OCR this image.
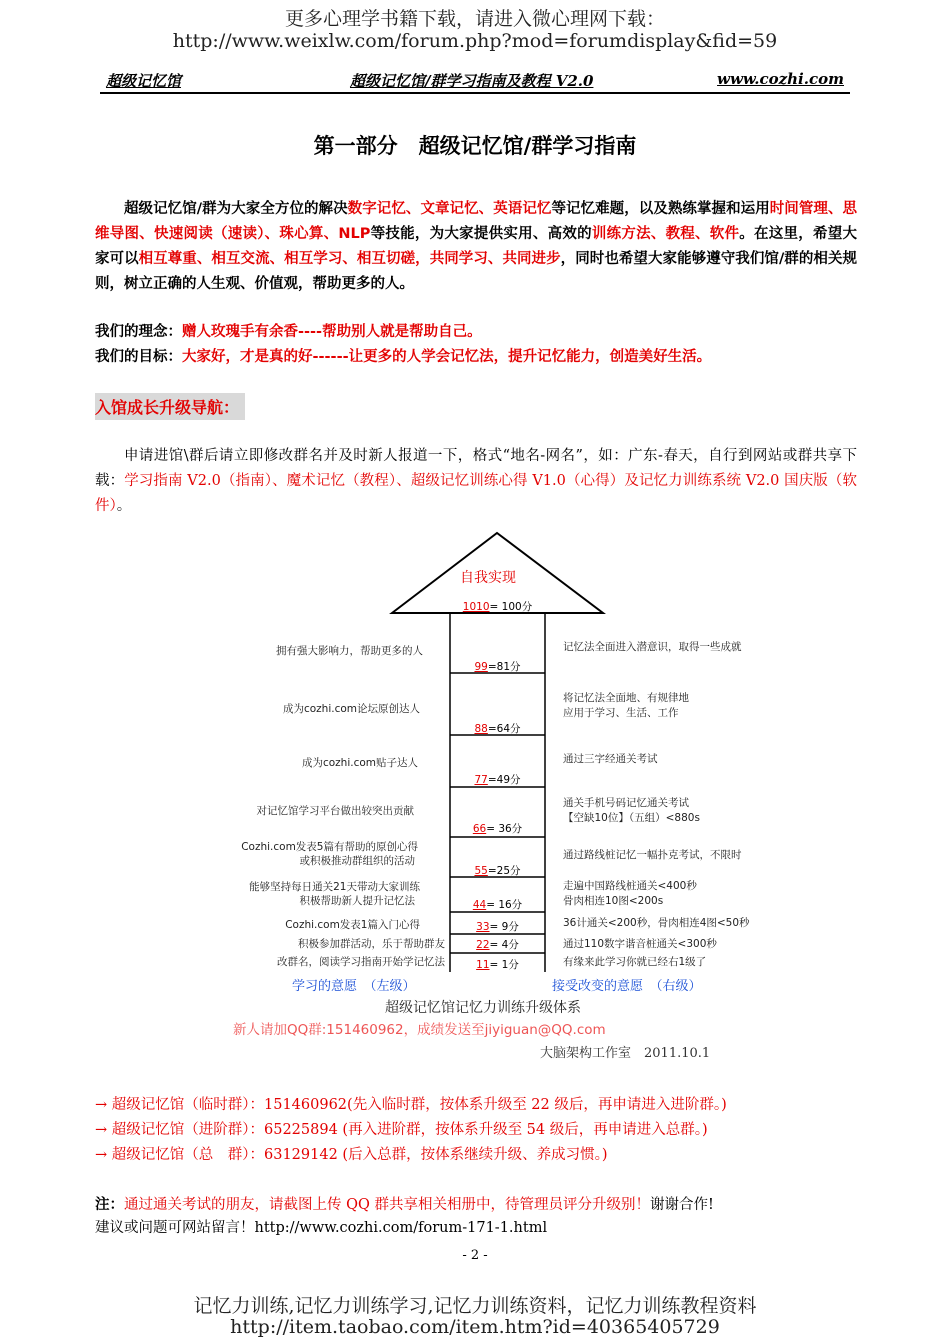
更多心理学书籍下载，请进入微心理网下载：
http://www.weixlw.com/forum.php?mod=forumdisplay&fid=59
超级记忆馆	超级记忆馆/群学习指南及教程 V2.0	www.cozhi.com
第一部分　超级记忆馆/群学习指南
超级记忆馆/群为大家全方位的解决数字记忆、文章记忆、英语记忆等记忆难题，以及熟练掌握和运用时间管理、思维导图、快速阅读（速读）、珠心算、NLP等技能，为大家提供实用、高效的训练方法、教程、软件。在这里，希望大家可以相互尊重、相互交流、相互学习、相互切磋，共同学习、共同进步，同时也希望大家能够遵守我们馆/群的相关规则，树立正确的人生观、价值观，帮助更多的人。
我们的理念：赠人玫瑰手有余香----帮助别人就是帮助自己。
我们的目标：大家好，才是真的好------让更多的人学会记忆法，提升记忆能力，创造美好生活。
入馆成长升级导航：
申请进馆\群后请立即修改群名并及时新人报道一下，格式“地名-网名”，如：广东-春天，自行到网站或群共享下载：学习指南 V2.0（指南）、魔术记忆（教程）、超级记忆训练心得 V1.0（心得）及记忆力训练系统 V2.0 国庆版（软件）。
自我实现
1010= 100分
99=81分
88=64分
77=49分
66= 36分
55=25分
44= 16分
33= 9分
22= 4分
11= 1分
拥有强大影响力，帮助更多的人
成为cozhi.com论坛原创达人
成为cozhi.com贴子达人
对记忆馆学习平台做出较突出贡献
Cozhi.com发表5篇有帮助的原创心得
或积极推动群组织的活动
能够坚持每日通关21天带动大家训练
积极帮助新人提升记忆法
Cozhi.com发表1篇入门心得
积极参加群活动，乐于帮助群友
改群名，阅读学习指南开始学记忆法
记忆法全面进入潜意识，取得一些成就
将记忆法全面地、有规律地
应用于学习、生活、工作
通过三字经通关考试
通关手机号码记忆通关考试
【空缺10位】（五组）<880s
通过路线桩记忆一幅扑克考试，不限时
走遍中国路线桩通关<400秒
骨肉相连10图<200s
36计通关<200秒，骨肉相连4图<50秒
通过110数字谐音桩通关<300秒
有缘来此学习你就已经右1级了
学习的意愿　（左级）	接受改变的意愿　（右级）
超级记忆馆记忆力训练升级体系
新人请加QQ群:151460962，成绩发送至jiyiguan@QQ.com
大脑架构工作室　2011.10.1
→ 超级记忆馆（临时群）：151460962(先入临时群，按体系升级至 22 级后，再申请进入进阶群。)
→ 超级记忆馆（进阶群）：65225894 (再入进阶群，按体系升级至 54 级后，再申请进入总群。)
→ 超级记忆馆（总　群）：63129142 (后入总群，按体系继续升级、养成习惯。)
注：通过通关考试的朋友，请截图上传 QQ 群共享相关相册中，待管理员评分升级别！谢谢合作!
建议或问题可网站留言！http://www.cozhi.com/forum-171-1.html
- 2 -
记忆力训练,记忆力训练学习,记忆力训练资料，记忆力训练教程资料
http://item.taobao.com/item.htm?id=40365405729
